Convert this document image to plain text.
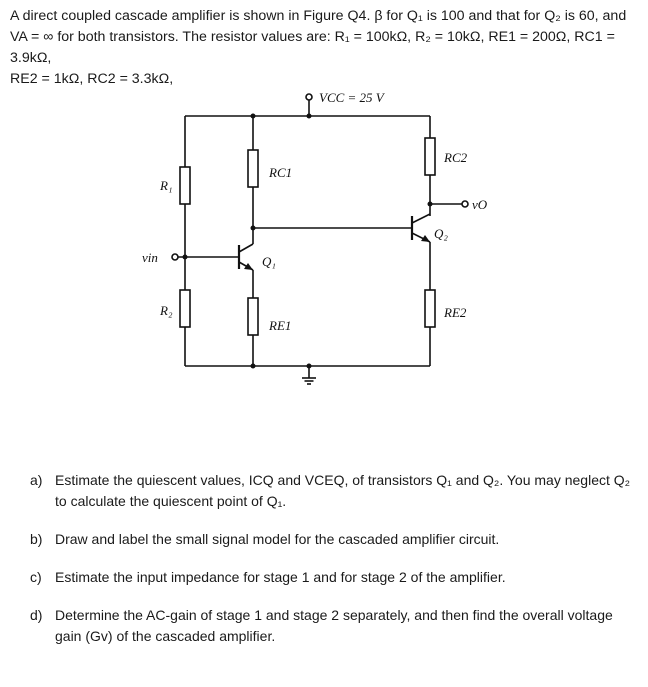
A direct coupled cascade amplifier is shown in Figure Q4. β for Q₁ is 100 and that for Q₂ is 60, and

VA = ∞ for both transistors. The resistor values are: R₁ = 100kΩ, R₂ = 10kΩ, RE1 = 200Ω, RC1 = 3.9kΩ,

RE2 = 1kΩ, RC2 = 3.3kΩ,

VCC = 25 V
R₁
R₂
RC1
RE1
RC2
RE2
Q₁
Q₂
vin
vO
a) Estimate the quiescent values, ICQ and VCEQ, of transistors Q₁ and Q₂. You may neglect Q₂ to calculate the quiescent point of Q₁.
b) Draw and label the small signal model for the cascaded amplifier circuit.
c) Estimate the input impedance for stage 1 and for stage 2 of the amplifier.
d) Determine the AC-gain of stage 1 and stage 2 separately, and then find the overall voltage gain (Gv) of the cascaded amplifier.
